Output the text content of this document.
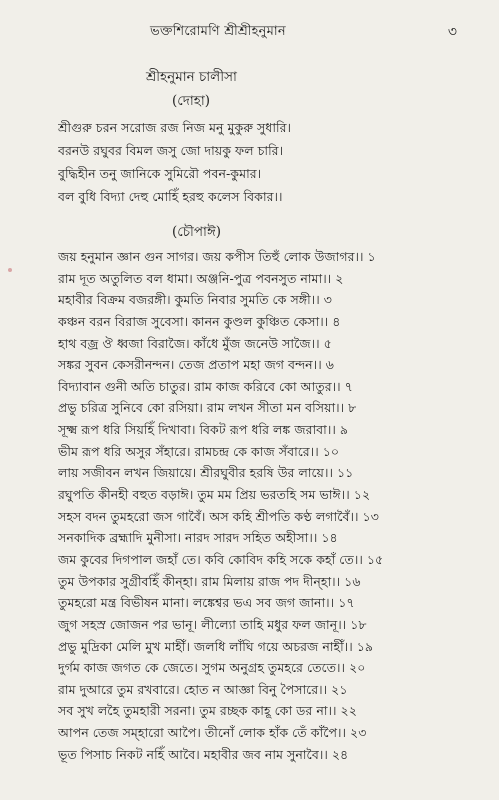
ভক্তশিরোমণি শ্রীশ্রীহনুমান	৩
শ্রীহনুমান চালীসা
(দোহা)
শ্রীগুরু চরন সরোজ রজ নিজ মনু মুকুরু সুধারি।
বরনউ রঘুবর বিমল জসু জো দায়কু ফল চারি।
বুদ্ধিহীন তনু জানিকে সুমিরৌ পবন-কুমার।
বল বুধি বিদ্যা দেহু মোহিঁ হরহু কলেস বিকার।।
(চৌপাঈ)
জয় হনুমান জ্ঞান গুন সাগর। জয় কপীস তিহুঁ লোক উজাগর।। ১
রাম দূত অতুলিত বল ধামা। অঞ্জনি-পুত্র পবনসুত নামা।। ২
মহাবীর বিক্রম বজরঙ্গী। কুমতি নিবার সুমতি কে সঙ্গী।। ৩
কঞ্চন বরন বিরাজ সুবেসা। কানন কুণ্ডল কুঞ্চিত কেসা।। ৪
হাথ বজ্র ঔ ধ্বজা বিরাজৈ। কাঁধে মুঁজ জনেউ সাজৈ।। ৫
সঙ্কর সুবন কেসরীনন্দন। তেজ প্রতাপ মহা জগ বন্দন।। ৬
বিদ্যাবান গুনী অতি চাতুর। রাম কাজ করিবে কো আতুর।। ৭
প্রভু চরিত্র সুনিবে কো রসিয়া। রাম লখন সীতা মন বসিয়া।। ৮
সূক্ষ্ম রূপ ধরি সিয়হিঁ দিখাবা। বিকট রূপ ধরি লঙ্ক জরাবা।। ৯
ভীম রূপ ধরি অসুর সঁহারে। রামচন্দ্র কে কাজ সঁবারে।। ১০
লায় সজীবন লখন জিয়ায়ে। শ্রীরঘুবীর হরষি উর লায়ে।। ১১
রঘুপতি কীনহী বহুত বড়াঈ। তুম মম প্রিয় ভরতহি সম ভাঈ।। ১২
সহস বদন তুমহরো জস গাবৈঁ। অস কহি শ্রীপতি কণ্ঠ লগাবৈঁ।। ১৩
সনকাদিক ব্রহ্মাদি মুনীসা। নারদ সারদ সহিত অহীসা।। ১৪
জম কুবের দিগপাল জহাঁ তে। কবি কোবিদ কহি সকে কহাঁ তে।। ১৫
তুম উপকার সুগ্রীবহিঁ কীন্হা। রাম মিলায় রাজ পদ দীন্হা।। ১৬
তুমহরো মন্ত্র বিভীষন মানা। লঙ্কেশ্বর ভএ সব জগ জানা।। ১৭
জুগ সহস্র জোজন পর ভানূ। লীল্যো তাহি মধুর ফল জানূ।। ১৮
প্রভু মুদ্রিকা মেলি মুখ মাহীঁ। জলধি লাঁঘি গয়ে অচরজ নাহীঁ।। ১৯
দুর্গম কাজ জগত কে জেতে। সুগম অনুগ্রহ তুমহরে তেতে।। ২০
রাম দুআরে তুম রখবারে। হোত ন আজ্ঞা বিনু পৈসারে।। ২১
সব সুখ লহৈ তুমহারী সরনা। তুম রচ্ছক কাহূ কো ডর না।। ২২
আপন তেজ সম্হারো আপৈ। তীনোঁ লোক হাঁক তেঁ কাঁপৈ।। ২৩
ভূত পিসাচ নিকট নহিঁ আবৈ। মহাবীর জব নাম সুনাবৈ।। ২৪
